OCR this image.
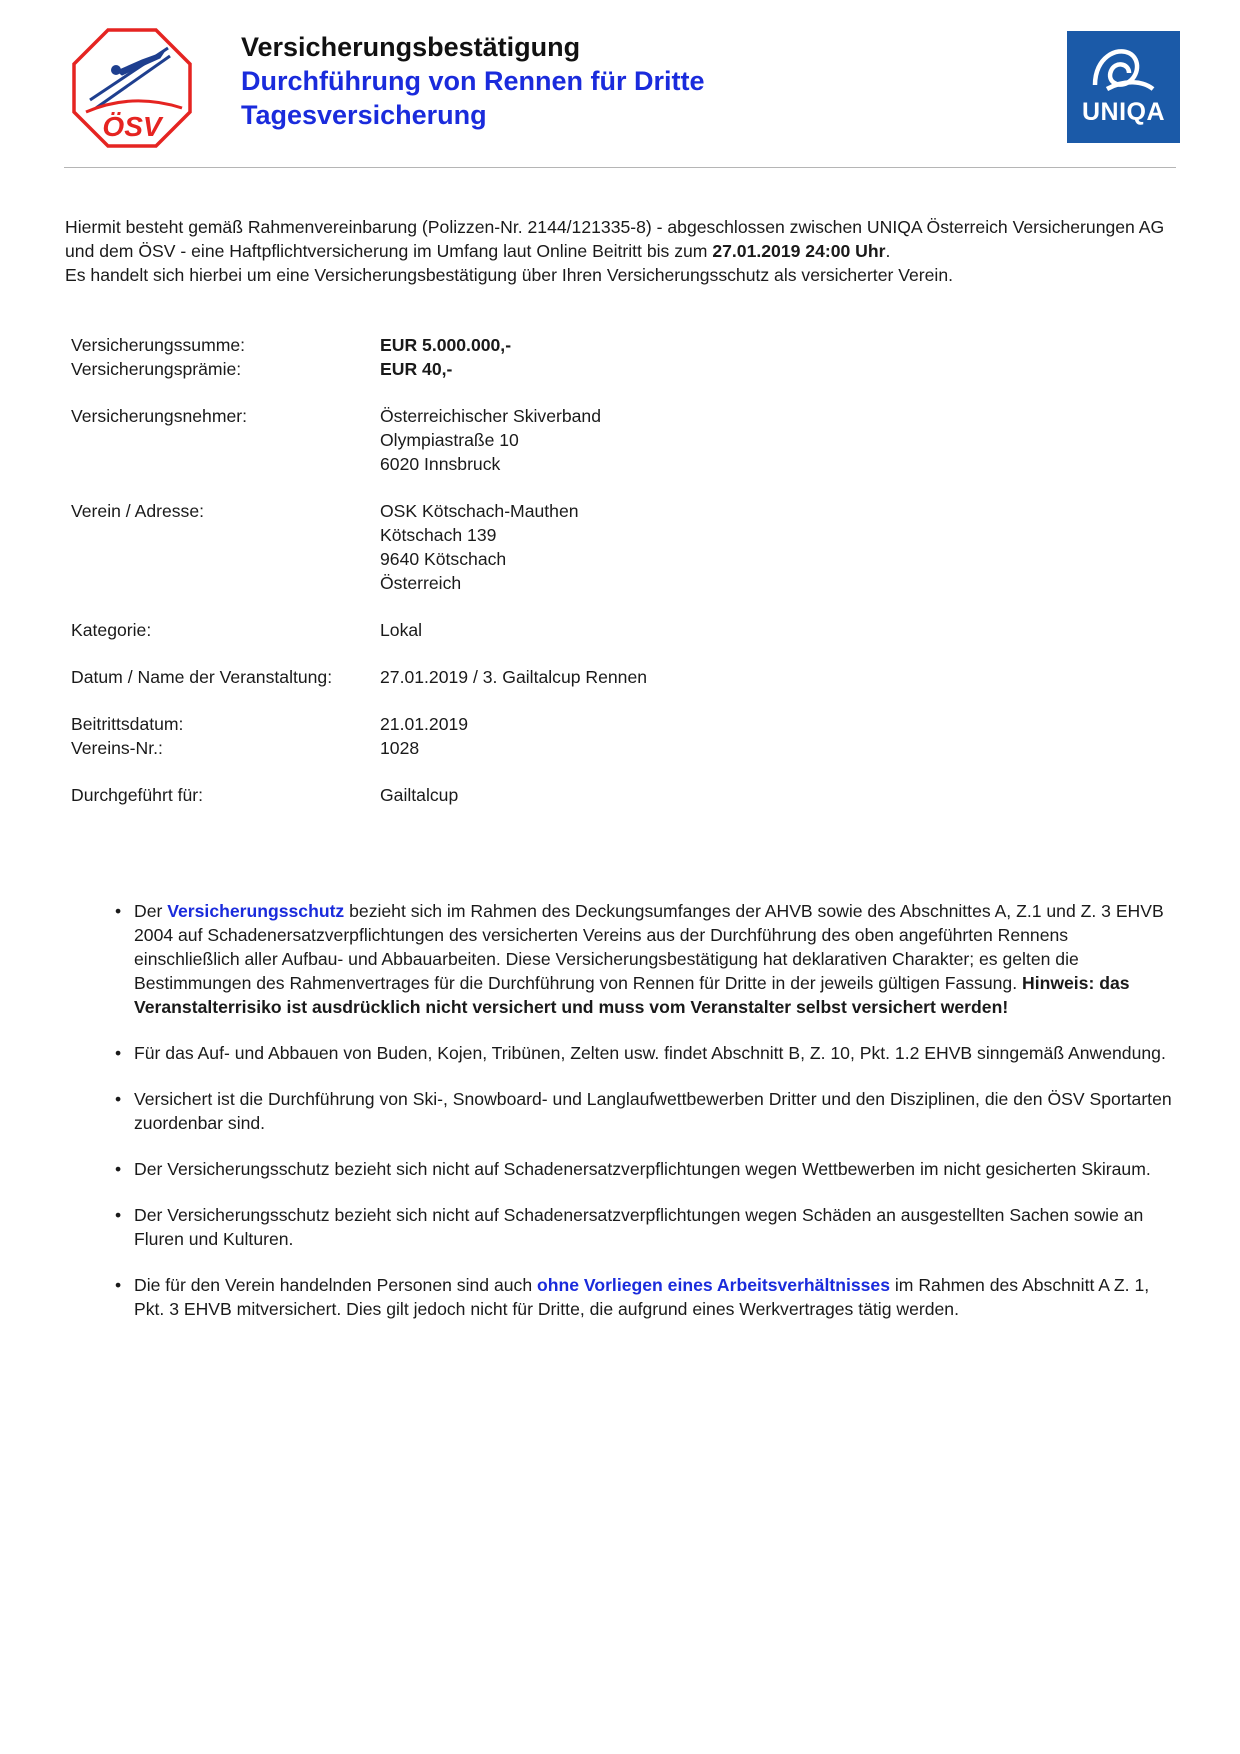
ÖSV
Versicherungsbestätigung
Durchführung von Rennen für Dritte
Tagesversicherung	UNIQA
Hiermit besteht gemäß Rahmenvereinbarung (Polizzen-Nr. 2144/121335-8) - abgeschlossen zwischen UNIQA Österreich Versicherungen AG und dem ÖSV - eine Haftpflichtversicherung im Umfang laut Online Beitritt bis zum 27.01.2019 24:00 Uhr.
Es handelt sich hierbei um eine Versicherungsbestätigung über Ihren Versicherungsschutz als versicherter Verein.
Versicherungssumme:	EUR 5.000.000,-
Versicherungsprämie:	EUR 40,-
Versicherungsnehmer:	Österreichischer Skiverband
Olympiastraße 10
6020 Innsbruck
Verein / Adresse:	OSK Kötschach-Mauthen
Kötschach 139
9640 Kötschach
Österreich
Kategorie:	Lokal
Datum / Name der Veranstaltung:	27.01.2019 / 3. Gailtalcup Rennen
Beitrittsdatum:	21.01.2019
Vereins-Nr.:	1028
Durchgeführt für:	Gailtalcup
• Der Versicherungsschutz bezieht sich im Rahmen des Deckungsumfanges der AHVB sowie des Abschnittes A, Z.1 und Z. 3 EHVB 2004 auf Schadenersatzverpflichtungen des versicherten Vereins aus der Durchführung des oben angeführten Rennens einschließlich aller Aufbau- und Abbauarbeiten. Diese Versicherungsbestätigung hat deklarativen Charakter; es gelten die Bestimmungen des Rahmenvertrages für die Durchführung von Rennen für Dritte in der jeweils gültigen Fassung. Hinweis: das Veranstalterrisiko ist ausdrücklich nicht versichert und muss vom Veranstalter selbst versichert werden!
• Für das Auf- und Abbauen von Buden, Kojen, Tribünen, Zelten usw. findet Abschnitt B, Z. 10, Pkt. 1.2 EHVB sinngemäß Anwendung.
• Versichert ist die Durchführung von Ski-, Snowboard- und Langlaufwettbewerben Dritter und den Disziplinen, die den ÖSV Sportarten zuordenbar sind.
• Der Versicherungsschutz bezieht sich nicht auf Schadenersatzverpflichtungen wegen Wettbewerben im nicht gesicherten Skiraum.
• Der Versicherungsschutz bezieht sich nicht auf Schadenersatzverpflichtungen wegen Schäden an ausgestellten Sachen sowie an Fluren und Kulturen.
• Die für den Verein handelnden Personen sind auch ohne Vorliegen eines Arbeitsverhältnisses im Rahmen des Abschnitt A Z. 1, Pkt. 3 EHVB mitversichert. Dies gilt jedoch nicht für Dritte, die aufgrund eines Werkvertrages tätig werden.
